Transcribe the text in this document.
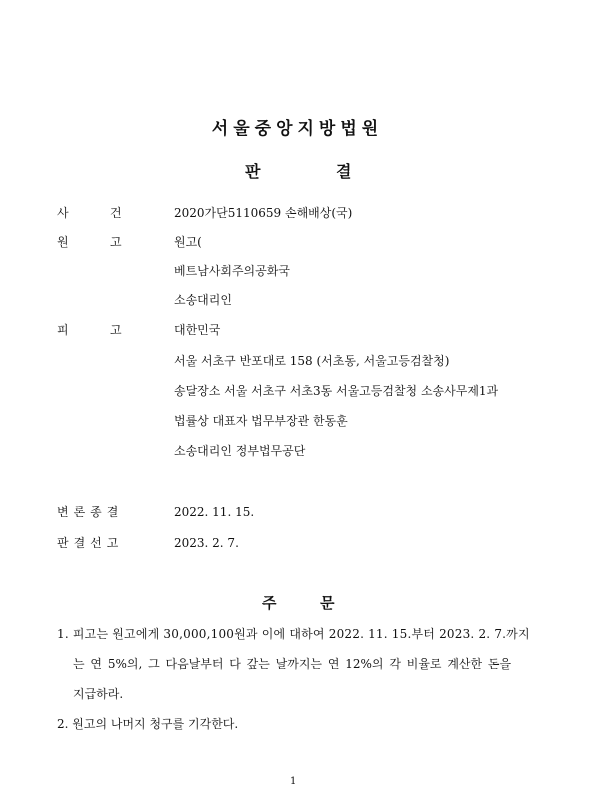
서울중앙지방법원
판	결
사	건	2020가단5110659 손해배상(국)
원	고	원고(
베트남사회주의공화국
소송대리인
피	고	대한민국
서울 서초구 반포대로 158 (서초동, 서울고등검찰청)
송달장소 서울 서초구 서초3동 서울고등검찰청 소송사무제1과
법률상 대표자 법무부장관 한동훈
소송대리인 정부법무공단
변론종결	2022. 11. 15.
판결선고	2023. 2. 7.
주	문
1. 피고는 원고에게 30,000,100원과 이에 대하여 2022. 11. 15.부터 2023. 2. 7.까지
는 연 5%의, 그 다음날부터 다 갚는 날까지는 연 12%의 각 비율로 계산한 돈을
지급하라.
2. 원고의 나머지 청구를 기각한다.
1
